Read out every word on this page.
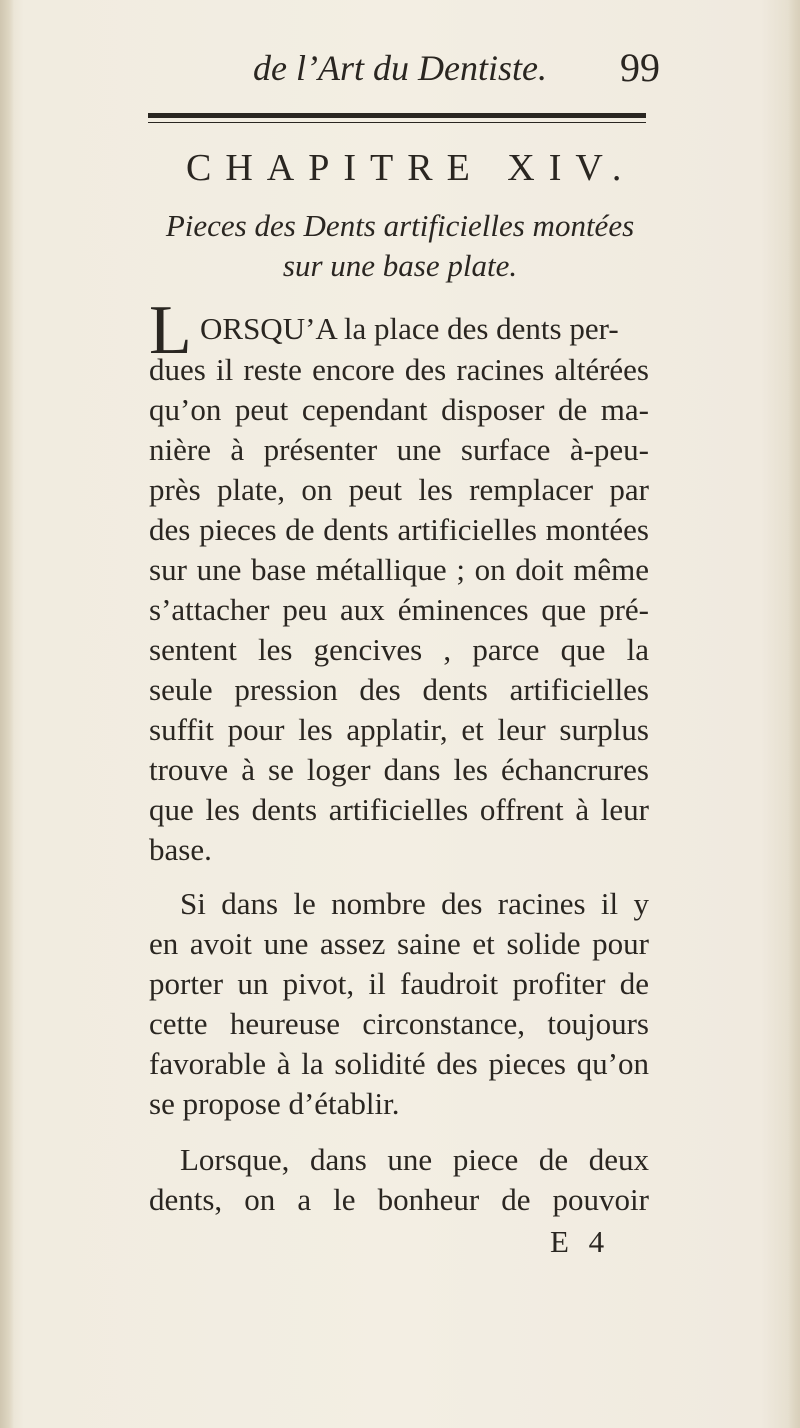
de l’Art du Dentiste.	99
CHAPITRE XIV.
Pieces des Dents artificielles montées sur une base plate.
L ORSQU’A la place des dents per-
dues il reste encore des racines altérées
qu’on peut cependant disposer de ma-
nière à présenter une surface à-peu-
près plate, on peut les remplacer par
des pieces de dents artificielles montées
sur une base métallique ; on doit même
s’attacher peu aux éminences que pré-
sentent les gencives , parce que la
seule pression des dents artificielles
suffit pour les applatir, et leur surplus
trouve à se loger dans les échancrures
que les dents artificielles offrent à leur
base.
Si dans le nombre des racines il y
en avoit une assez saine et solide pour
porter un pivot, il faudroit profiter de
cette heureuse circonstance, toujours
favorable à la solidité des pieces qu’on
se propose d’établir.
Lorsque, dans une piece de deux
dents, on a le bonheur de pouvoir
E 4
